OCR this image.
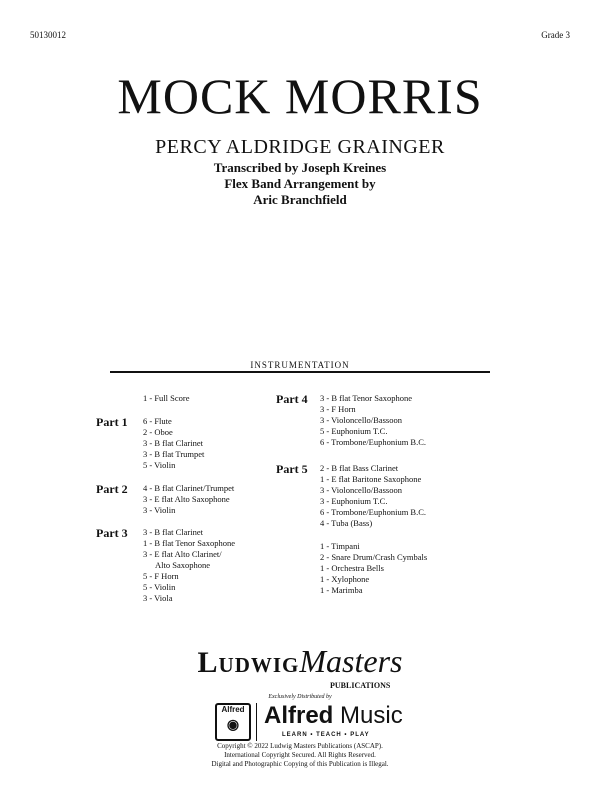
50130012	Grade 3
MOCK MORRIS
PERCY ALDRIDGE GRAINGER
Transcribed by Joseph Kreines
Flex Band Arrangement by
Aric Branchfield
INSTRUMENTATION
1 - Full Score
Part 1	6 - Flute
2 - Oboe
3 - B flat Clarinet
3 - B flat Trumpet
5 - Violin
Part 2	4 - B flat Clarinet/Trumpet
3 - E flat Alto Saxophone
3 - Violin
Part 3	3 - B flat Clarinet
1 - B flat Tenor Saxophone
3 - E flat Alto Clarinet/
Alto Saxophone
5 - F Horn
5 - Violin
3 - Viola
Part 4	3 - B flat Tenor Saxophone
3 - F Horn
3 - Violoncello/Bassoon
5 - Euphonium T.C.
6 - Trombone/Euphonium B.C.
Part 5	2 - B flat Bass Clarinet
1 - E flat Baritone Saxophone
3 - Violoncello/Bassoon
3 - Euphonium T.C.
6 - Trombone/Euphonium B.C.
4 - Tuba (Bass)
1 - Timpani
2 - Snare Drum/Crash Cymbals
1 - Orchestra Bells
1 - Xylophone
1 - Marimba
LudwigMasters
PUBLICATIONS
Exclusively Distributed by
Alfred
◉	Alfred Music
LEARN • TEACH • PLAY
Copyright © 2022 Ludwig Masters Publications (ASCAP).
International Copyright Secured. All Rights Reserved.
Digital and Photographic Copying of this Publication is Illegal.
